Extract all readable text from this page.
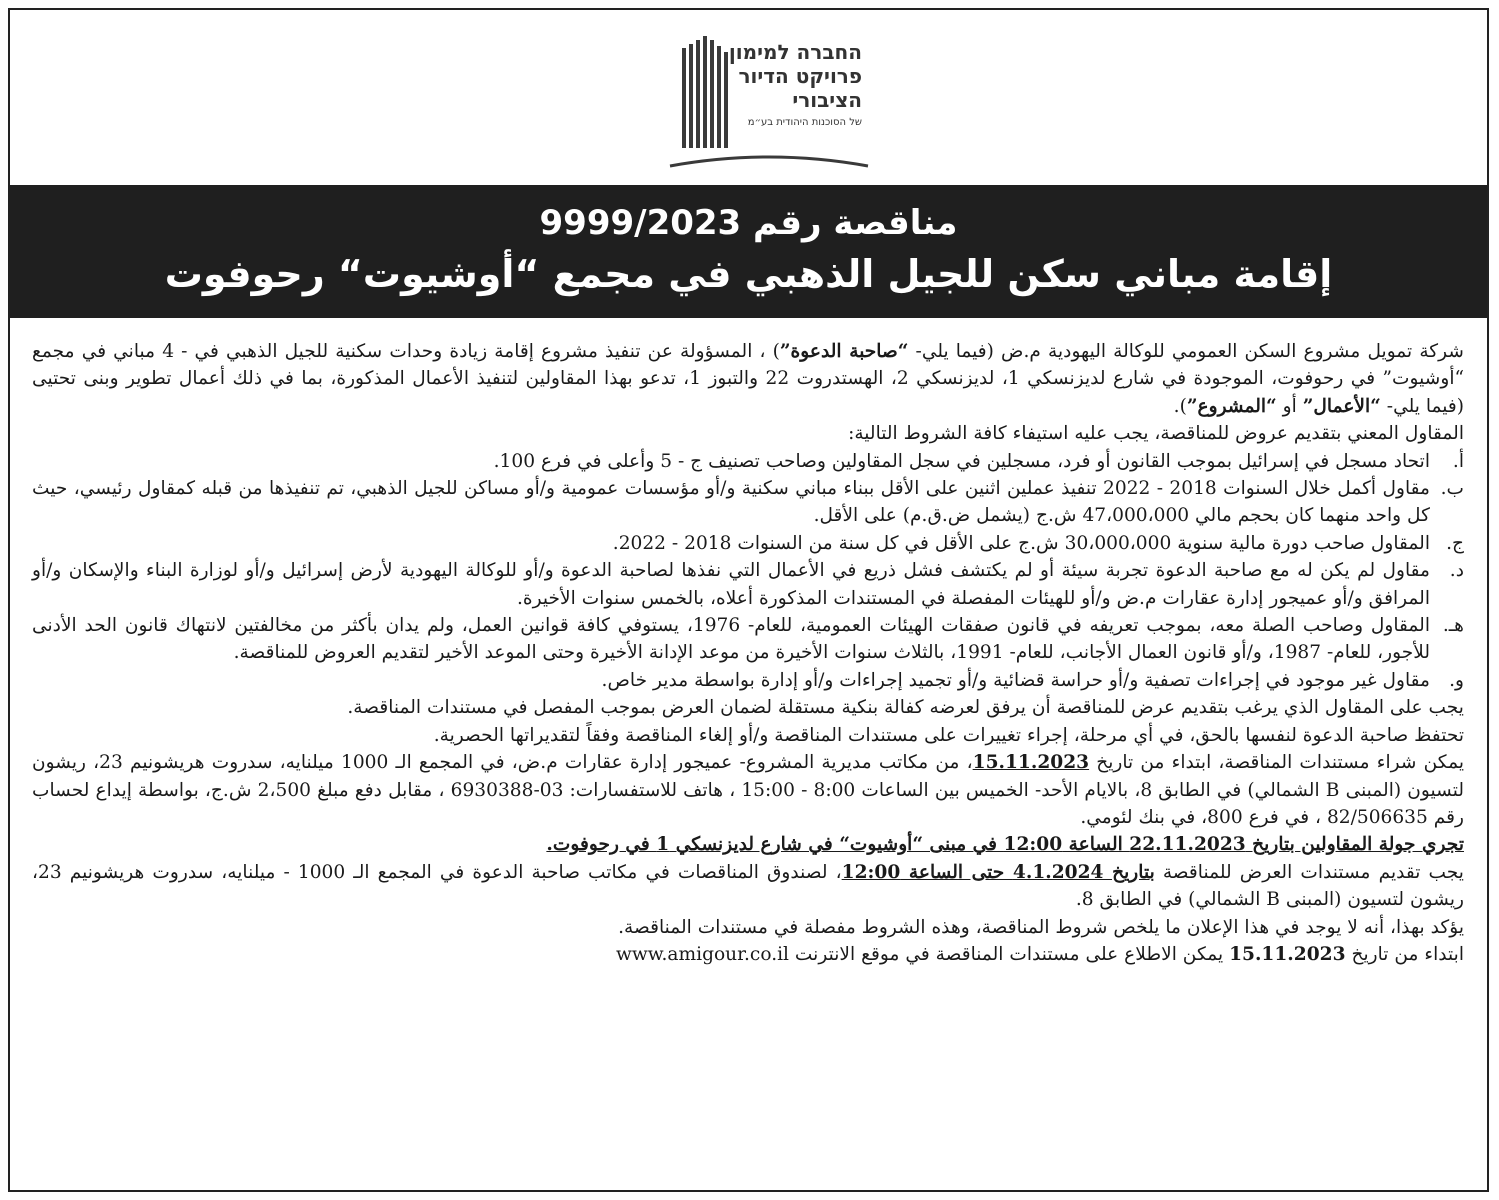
החברה למימון
פרויקט הדיור
הציבורי
של הסוכנות היהודית בע״מ
مناقصة رقم 9999/2023
إقامة مباني سكن للجيل الذهبي في مجمع “أوشيوت“ رحوفوت

شركة تمويل مشروع السكن العمومي للوكالة اليهودية م.ض (فيما يلي- “صاحبة الدعوة”) ، المسؤولة عن تنفيذ مشروع إقامة زيادة وحدات سكنية للجيل الذهبي في - 4 مباني في مجمع “أوشيوت” في رحوفوت، الموجودة في شارع لديزنسكي 1، لديزنسكي 2، الهستدروت 22 والتبوز 1، تدعو بهذا المقاولين لتنفيذ الأعمال المذكورة، بما في ذلك أعمال تطوير وبنى تحتيى (فيما يلي- “الأعمال” أو “المشروع”).

المقاول المعني بتقديم عروض للمناقصة، يجب عليه استيفاء كافة الشروط التالية:

أ.
اتحاد مسجل في إسرائيل بموجب القانون أو فرد، مسجلين في سجل المقاولين وصاحب تصنيف ج - 5 وأعلى في فرع 100.
ب.
مقاول أكمل خلال السنوات 2018 - 2022 تنفيذ عملين اثنين على الأقل ببناء مباني سكنية و/أو مؤسسات عمومية و/أو مساكن للجيل الذهبي، تم تنفيذها من قبله كمقاول رئيسي، حيث كل واحد منهما كان بحجم مالي 47،000،000 ش.ج (يشمل ض.ق.م) على الأقل.
ج.
المقاول صاحب دورة مالية سنوية 30،000،000 ش.ج على الأقل في كل سنة من السنوات 2018 - 2022.
د.
مقاول لم يكن له مع صاحبة الدعوة تجربة سيئة أو لم يكتشف فشل ذريع في الأعمال التي نفذها لصاحبة الدعوة و/أو للوكالة اليهودية لأرض إسرائيل و/أو لوزارة البناء والإسكان و/أو المرافق و/أو عميجور إدارة عقارات م.ض و/أو للهيئات المفصلة في المستندات المذكورة أعلاه، بالخمس سنوات الأخيرة.
هـ.
المقاول وصاحب الصلة معه، بموجب تعريفه في قانون صفقات الهيئات العمومية، للعام- 1976، يستوفي كافة قوانين العمل، ولم يدان بأكثر من مخالفتين لانتهاك قانون الحد الأدنى للأجور، للعام- 1987، و/أو قانون العمال الأجانب، للعام- 1991، بالثلاث سنوات الأخيرة من موعد الإدانة الأخيرة وحتى الموعد الأخير لتقديم العروض للمناقصة.
و.
مقاول غير موجود في إجراءات تصفية و/أو حراسة قضائية و/أو تجميد إجراءات و/أو إدارة بواسطة مدير خاص.

يجب على المقاول الذي يرغب بتقديم عرض للمناقصة أن يرفق لعرضه كفالة بنكية مستقلة لضمان العرض بموجب المفصل في مستندات المناقصة.

تحتفظ صاحبة الدعوة لنفسها بالحق، في أي مرحلة، إجراء تغييرات على مستندات المناقصة و/أو إلغاء المناقصة وفقاً لتقديراتها الحصرية.

يمكن شراء مستندات المناقصة، ابتداء من تاريخ 15.11.2023، من مكاتب مديرية المشروع- عميجور إدارة عقارات م.ض، في المجمع الـ 1000 ميلنايه، سدروت هريشونيم 23، ريشون لتسيون (المبنى B الشمالي) في الطابق 8، بالايام الأحد- الخميس بين الساعات 8:00 - 15:00 ، هاتف للاستفسارات: 03-6930388 ، مقابل دفع مبلغ 2،500 ش.ج، بواسطة إيداع لحساب رقم 82/506635 ، في فرع 800، في بنك لئومي.

تجري جولة المقاولين بتاريخ 22.11.2023 الساعة 12:00 في مبنى “أوشيوت“ في شارع لديزنسكي 1 في رحوفوت.

يجب تقديم مستندات العرض للمناقصة بتاريخ 4.1.2024 حتى الساعة 12:00، لصندوق المناقصات في مكاتب صاحبة الدعوة في المجمع الـ 1000 - ميلنايه، سدروت هريشونيم 23، ريشون لتسيون (المبنى B الشمالي) في الطابق 8.

يؤكد بهذا، أنه لا يوجد في هذا الإعلان ما يلخص شروط المناقصة، وهذه الشروط مفصلة في مستندات المناقصة.

ابتداء من تاريخ 15.11.2023 يمكن الاطلاع على مستندات المناقصة في موقع الانترنت www.amigour.co.il
